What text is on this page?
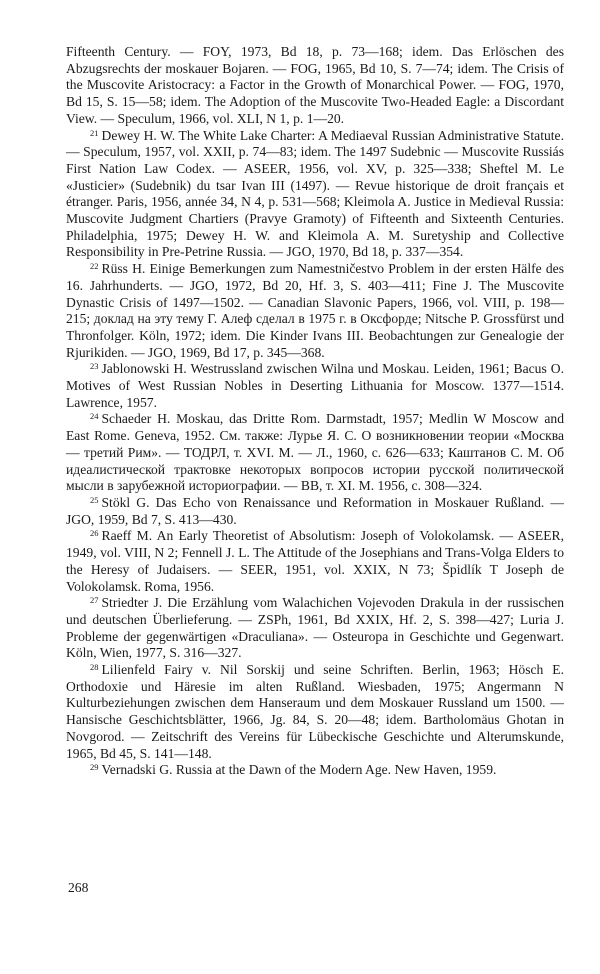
Fifteenth Century. — FOY, 1973, Bd 18, p. 73—168; idem. Das Erlöschen des Abzugsrechts der moskauer Bojaren. — FOG, 1965, Bd 10, S. 7—74; idem. The Crisis of the Muscovite Aristocracy: a Factor in the Growth of Monarchical Power. — FOG, 1970, Bd 15, S. 15—58; idem. The Adoption of the Muscovite Two-Headed Eagle: a Discordant View. — Speculum, 1966, vol. XLI, N 1, p. 1—20.

$^{21}$ Dewey H. W. The White Lake Charter: A Mediaeval Russian Administrative Statute. — Speculum, 1957, vol. XXII, p. 74—83; idem. The 1497 Sudebnic — Muscovite Russiás First Nation Law Codex. — ASEER, 1956, vol. XV, p. 325—338; Sheftel M. Le «Justicier» (Sudebnik) du tsar Ivan III (1497). — Revue historique de droit français et étranger. Paris, 1956, année 34, N 4, p. 531—568; Kleimola A. Justice in Medieval Russia: Muscovite Judgment Chartiers (Pravye Gramoty) of Fifteenth and Sixteenth Centuries. Philadelphia, 1975; Dewey H. W. and Kleimola A. M. Suretyship and Collective Responsibility in Pre-Petrine Russia. — JGO, 1970, Bd 18, p. 337—354.

$^{22}$ Rüss H. Einige Bemerkungen zum Namestničestvo Problem in der ersten Hälfe des 16. Jahrhunderts. — JGO, 1972, Bd 20, Hf. 3, S. 403—411; Fine J. The Muscovite Dynastic Crisis of 1497—1502. — Canadian Slavonic Papers, 1966, vol. VIII, p. 198—215; доклад на эту тему Г. Алеф сделал в 1975 г. в Оксфорде; Nitsche P. Grossfürst und Thronfolger. Köln, 1972; idem. Die Kinder Ivans III. Beobachtungen zur Genealogie der Rjurikiden. — JGO, 1969, Bd 17, p. 345—368.

$^{23}$ Jablonowski H. Westrussland zwischen Wilna und Moskau. Leiden, 1961; Bacus O. Motives of West Russian Nobles in Deserting Lithuania for Moscow. 1377—1514. Lawrence, 1957.

$^{24}$ Schaeder H. Moskau, das Dritte Rom. Darmstadt, 1957; Medlin W Moscow and East Rome. Geneva, 1952. См. также: Лурье Я. С. О возникновении теории «Москва — третий Рим». — ТОДРЛ, т. XVI. М. — Л., 1960, с. 626—633; Каштанов С. М. Об идеалистической трактовке некоторых вопросов истории русской политической мысли в зарубежной историографии. — ВВ, т. XI. М. 1956, с. 308—324.

$^{25}$ Stökl G. Das Echo von Renaissance und Reformation in Moskauer Rußland. — JGO, 1959, Bd 7, S. 413—430.

$^{26}$ Raeff M. An Early Theoretist of Absolutism: Joseph of Volokolamsk. — ASEER, 1949, vol. VIII, N 2; Fennell J. L. The Attitude of the Josephians and Trans-Volga Elders to the Heresy of Judaisers. — SEER, 1951, vol. XXIX, N 73; Špidlík T Joseph de Volokolamsk. Roma, 1956.

$^{27}$ Striedter J. Die Erzählung vom Walachichen Vojevoden Drakula in der russischen und deutschen Überlieferung. — ZSPh, 1961, Bd XXIX, Hf. 2, S. 398—427; Luria J. Probleme der gegenwärtigen «Draculiana». — Osteuropa in Geschichte und Gegenwart. Köln, Wien, 1977, S. 316—327.

$^{28}$ Lilienfeld Fairy v. Nil Sorskij und seine Schriften. Berlin, 1963; Hösch E. Orthodoxie und Häresie im alten Rußland. Wiesbaden, 1975; Angermann N Kulturbeziehungen zwischen dem Hanseraum und dem Moskauer Russland um 1500. — Hansische Geschichtsblätter, 1966, Jg. 84, S. 20—48; idem. Bartholomäus Ghotan in Novgorod. — Zeitschrift des Vereins für Lübeckische Geschichte und Alterumskunde, 1965, Bd 45, S. 141—148.

$^{29}$ Vernadski G. Russia at the Dawn of the Modern Age. New Haven, 1959.

268
